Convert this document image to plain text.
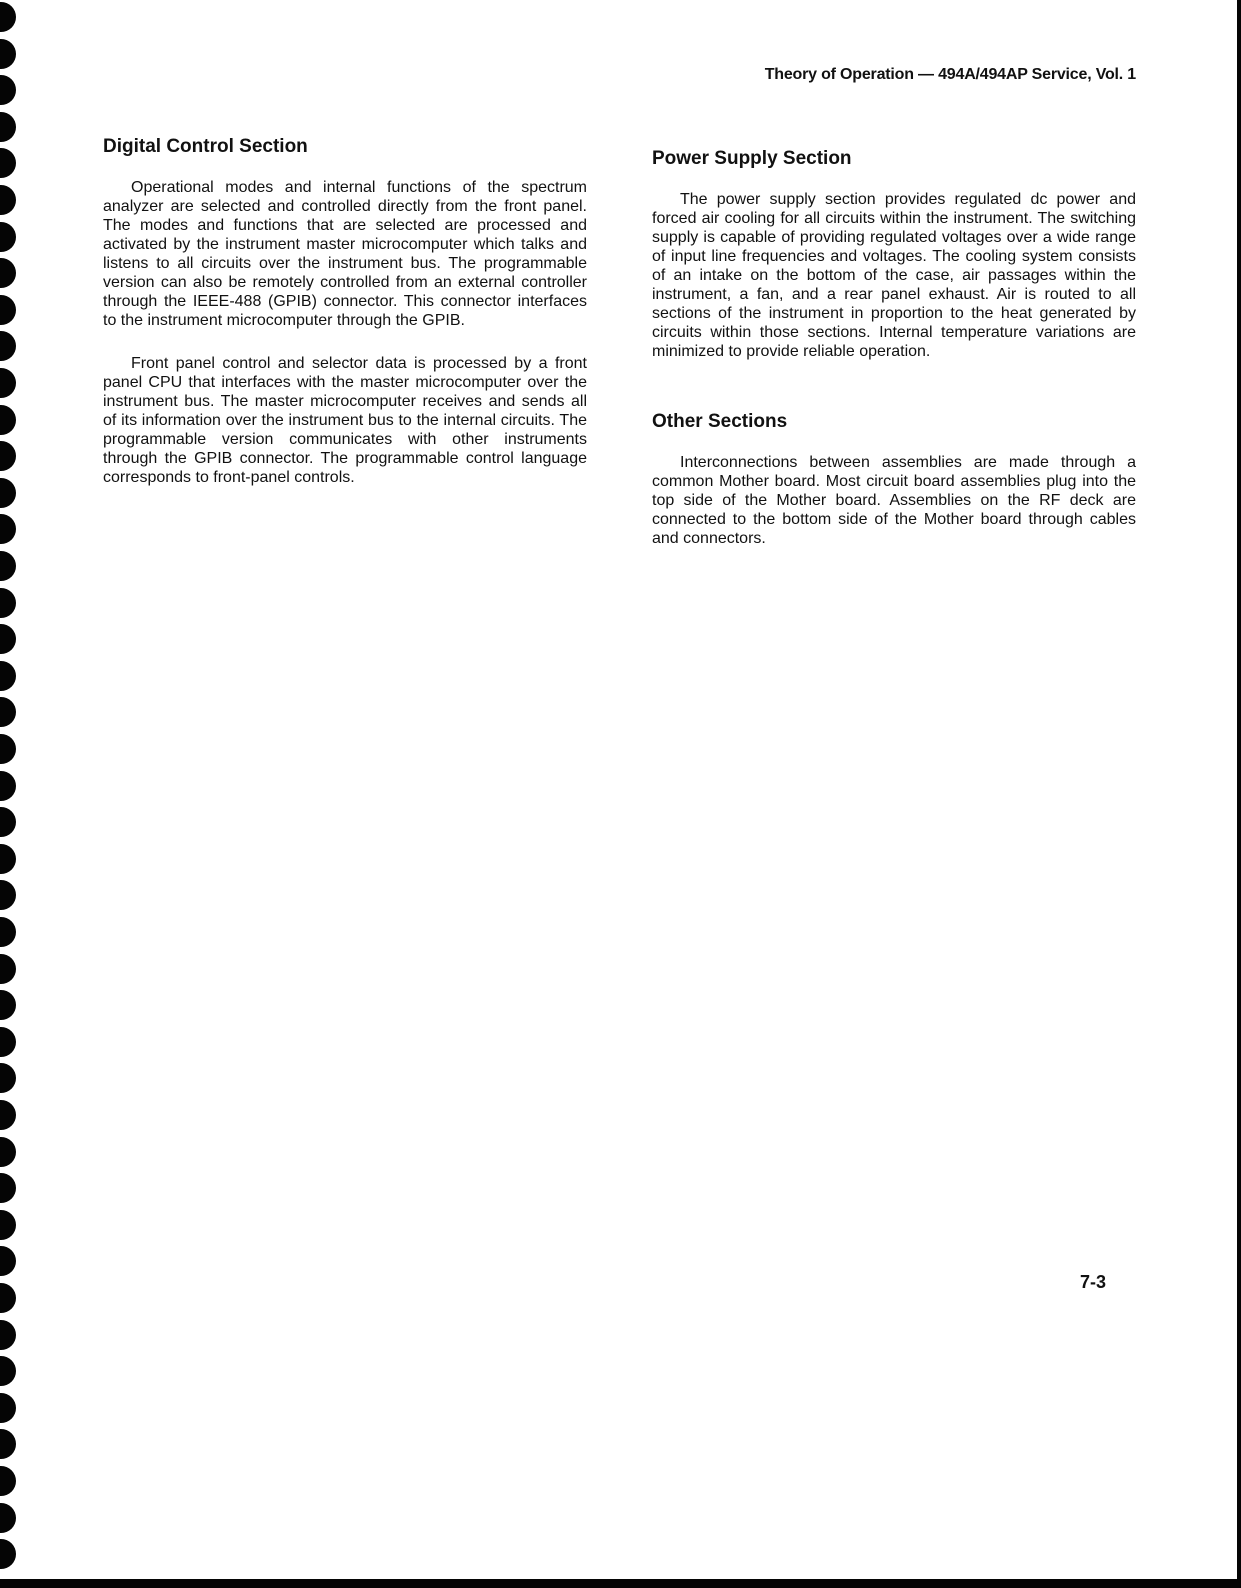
Theory of Operation — 494A/494AP Service, Vol. 1
Digital Control Section

Operational modes and internal functions of the spectrum analyzer are selected and controlled directly from the front panel. The modes and functions that are selected are processed and activated by the instrument master microcomputer which talks and listens to all circuits over the instrument bus. The programmable version can also be remotely controlled from an external controller through the IEEE-488 (GPIB) connector. This connector interfaces to the instrument microcomputer through the GPIB.

Front panel control and selector data is processed by a front panel CPU that interfaces with the master microcomputer over the instrument bus. The master microcomputer receives and sends all of its information over the instrument bus to the internal circuits. The programmable version communicates with other instruments through the GPIB connector. The programmable control language corresponds to front-panel controls.

Power Supply Section

The power supply section provides regulated dc power and forced air cooling for all circuits within the instrument. The switching supply is capable of providing regulated voltages over a wide range of input line frequencies and voltages. The cooling system consists of an intake on the bottom of the case, air passages within the instrument, a fan, and a rear panel exhaust. Air is routed to all sections of the instrument in proportion to the heat generated by circuits within those sections. Internal temperature variations are minimized to provide reliable operation.

Other Sections

Interconnections between assemblies are made through a common Mother board. Most circuit board assemblies plug into the top side of the Mother board. Assemblies on the RF deck are connected to the bottom side of the Mother board through cables and connectors.

7-3
